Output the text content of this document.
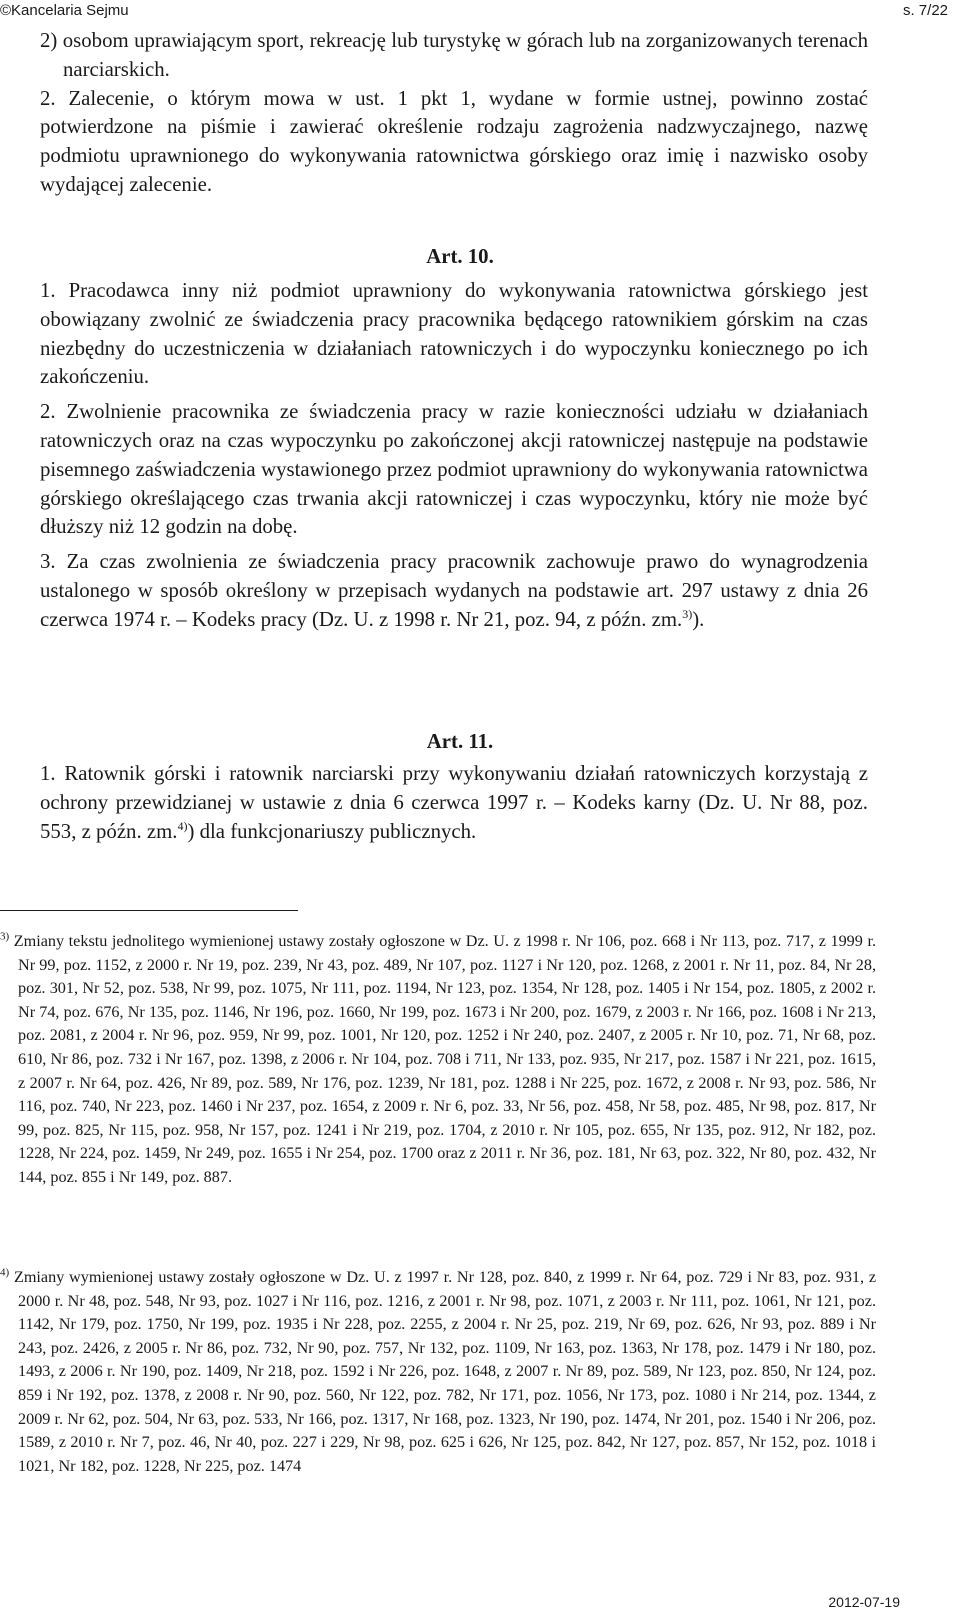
©Kancelaria Sejmu	s. 7/22

2) osobom uprawiającym sport, rekreację lub turystykę w górach lub na zorganizowanych terenach narciarskich.

2. Zalecenie, o którym mowa w ust. 1 pkt 1, wydane w formie ustnej, powinno zostać potwierdzone na piśmie i zawierać określenie rodzaju zagrożenia nadzwyczajnego, nazwę podmiotu uprawnionego do wykonywania ratownictwa górskiego oraz imię i nazwisko osoby wydającej zalecenie.

Art. 10.

1. Pracodawca inny niż podmiot uprawniony do wykonywania ratownictwa górskiego jest obowiązany zwolnić ze świadczenia pracy pracownika będącego ratownikiem górskim na czas niezbędny do uczestniczenia w działaniach ratowniczych i do wypoczynku koniecznego po ich zakończeniu.

2. Zwolnienie pracownika ze świadczenia pracy w razie konieczności udziału w działaniach ratowniczych oraz na czas wypoczynku po zakończonej akcji ratowniczej następuje na podstawie pisemnego zaświadczenia wystawionego przez podmiot uprawniony do wykonywania ratownictwa górskiego określającego czas trwania akcji ratowniczej i czas wypoczynku, który nie może być dłuższy niż 12 godzin na dobę.

3. Za czas zwolnienia ze świadczenia pracy pracownik zachowuje prawo do wynagrodzenia ustalonego w sposób określony w przepisach wydanych na podstawie art. 297 ustawy z dnia 26 czerwca 1974 r. – Kodeks pracy (Dz. U. z 1998 r. Nr 21, poz. 94, z późn. zm.$^{3)}$).

Art. 11.

1. Ratownik górski i ratownik narciarski przy wykonywaniu działań ratowniczych korzystają z ochrony przewidzianej w ustawie z dnia 6 czerwca 1997 r. – Kodeks karny (Dz. U. Nr 88, poz. 553, z późn. zm.$^{4)}$) dla funkcjonariuszy publicznych.

$^{3)}$ Zmiany tekstu jednolitego wymienionej ustawy zostały ogłoszone w Dz. U. z 1998 r. Nr 106, poz. 668 i Nr 113, poz. 717, z 1999 r. Nr 99, poz. 1152, z 2000 r. Nr 19, poz. 239, Nr 43, poz. 489, Nr 107, poz. 1127 i Nr 120, poz. 1268, z 2001 r. Nr 11, poz. 84, Nr 28, poz. 301, Nr 52, poz. 538, Nr 99, poz. 1075, Nr 111, poz. 1194, Nr 123, poz. 1354, Nr 128, poz. 1405 i Nr 154, poz. 1805, z 2002 r. Nr 74, poz. 676, Nr 135, poz. 1146, Nr 196, poz. 1660, Nr 199, poz. 1673 i Nr 200, poz. 1679, z 2003 r. Nr 166, poz. 1608 i Nr 213, poz. 2081, z 2004 r. Nr 96, poz. 959, Nr 99, poz. 1001, Nr 120, poz. 1252 i Nr 240, poz. 2407, z 2005 r. Nr 10, poz. 71, Nr 68, poz. 610, Nr 86, poz. 732 i Nr 167, poz. 1398, z 2006 r. Nr 104, poz. 708 i 711, Nr 133, poz. 935, Nr 217, poz. 1587 i Nr 221, poz. 1615, z 2007 r. Nr 64, poz. 426, Nr 89, poz. 589, Nr 176, poz. 1239, Nr 181, poz. 1288 i Nr 225, poz. 1672, z 2008 r. Nr 93, poz. 586, Nr 116, poz. 740, Nr 223, poz. 1460 i Nr 237, poz. 1654, z 2009 r. Nr 6, poz. 33, Nr 56, poz. 458, Nr 58, poz. 485, Nr 98, poz. 817, Nr 99, poz. 825, Nr 115, poz. 958, Nr 157, poz. 1241 i Nr 219, poz. 1704, z 2010 r. Nr 105, poz. 655, Nr 135, poz. 912, Nr 182, poz. 1228, Nr 224, poz. 1459, Nr 249, poz. 1655 i Nr 254, poz. 1700 oraz z 2011 r. Nr 36, poz. 181, Nr 63, poz. 322, Nr 80, poz. 432, Nr 144, poz. 855 i Nr 149, poz. 887.
$^{4)}$ Zmiany wymienionej ustawy zostały ogłoszone w Dz. U. z 1997 r. Nr 128, poz. 840, z 1999 r. Nr 64, poz. 729 i Nr 83, poz. 931, z 2000 r. Nr 48, poz. 548, Nr 93, poz. 1027 i Nr 116, poz. 1216, z 2001 r. Nr 98, poz. 1071, z 2003 r. Nr 111, poz. 1061, Nr 121, poz. 1142, Nr 179, poz. 1750, Nr 199, poz. 1935 i Nr 228, poz. 2255, z 2004 r. Nr 25, poz. 219, Nr 69, poz. 626, Nr 93, poz. 889 i Nr 243, poz. 2426, z 2005 r. Nr 86, poz. 732, Nr 90, poz. 757, Nr 132, poz. 1109, Nr 163, poz. 1363, Nr 178, poz. 1479 i Nr 180, poz. 1493, z 2006 r. Nr 190, poz. 1409, Nr 218, poz. 1592 i Nr 226, poz. 1648, z 2007 r. Nr 89, poz. 589, Nr 123, poz. 850, Nr 124, poz. 859 i Nr 192, poz. 1378, z 2008 r. Nr 90, poz. 560, Nr 122, poz. 782, Nr 171, poz. 1056, Nr 173, poz. 1080 i Nr 214, poz. 1344, z 2009 r. Nr 62, poz. 504, Nr 63, poz. 533, Nr 166, poz. 1317, Nr 168, poz. 1323, Nr 190, poz. 1474, Nr 201, poz. 1540 i Nr 206, poz. 1589, z 2010 r. Nr 7, poz. 46, Nr 40, poz. 227 i 229, Nr 98, poz. 625 i 626, Nr 125, poz. 842, Nr 127, poz. 857, Nr 152, poz. 1018 i 1021, Nr 182, poz. 1228, Nr 225, poz. 1474
2012-07-19
